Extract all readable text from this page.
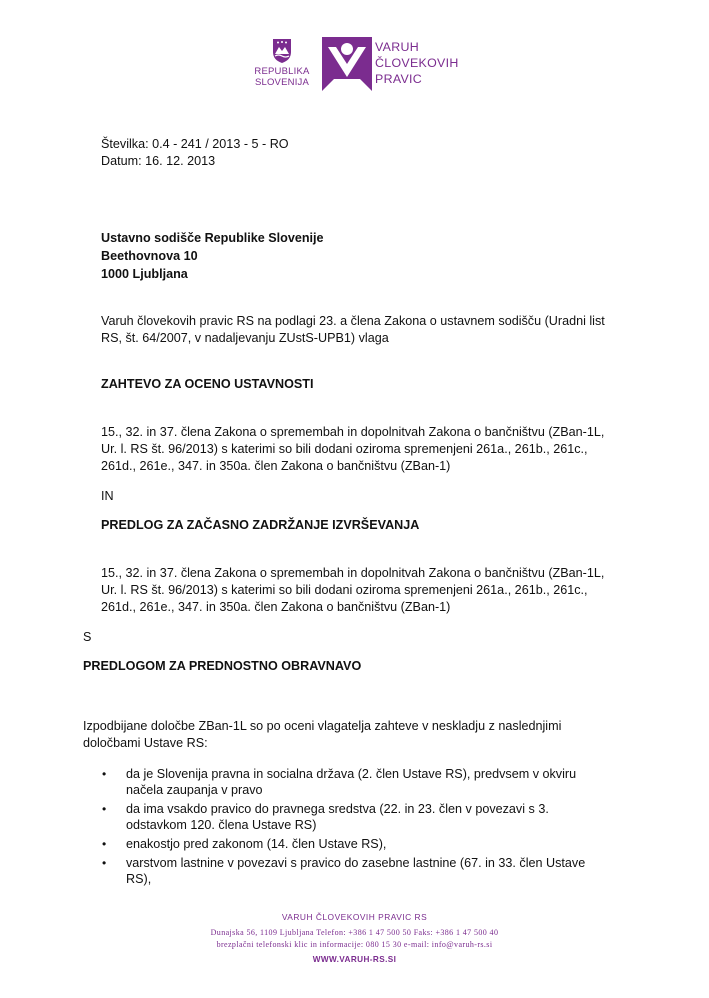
REPUBLIKA
SLOVENIJA
VARUH
ČLOVEKOVIH
PRAVIC
Številka: 0.4 - 241 / 2013 - 5 - RO
Datum: 16. 12. 2013
Ustavno sodišče Republike Slovenije
Beethovnova 10
1000 Ljubljana
Varuh človekovih pravic RS na podlagi 23. a člena Zakona o ustavnem sodišču (Uradni list
RS, št. 64/2007, v nadaljevanju ZUstS-UPB1) vlaga
ZAHTEVO ZA OCENO USTAVNOSTI
15., 32. in 37. člena Zakona o spremembah in dopolnitvah Zakona o bančništvu (ZBan-1L,
Ur. l. RS št. 96/2013) s katerimi so bili dodani oziroma spremenjeni 261a., 261b., 261c.,
261d., 261e., 347. in 350a. člen Zakona o bančništvu (ZBan-1)
IN
PREDLOG ZA ZAČASNO ZADRŽANJE IZVRŠEVANJA
15., 32. in 37. člena Zakona o spremembah in dopolnitvah Zakona o bančništvu (ZBan-1L,
Ur. l. RS št. 96/2013) s katerimi so bili dodani oziroma spremenjeni 261a., 261b., 261c.,
261d., 261e., 347. in 350a. člen Zakona o bančništvu (ZBan-1)
S
PREDLOGOM ZA PREDNOSTNO OBRAVNAVO
Izpodbijane določbe ZBan-1L so po oceni vlagatelja zahteve v neskladju z naslednjimi
določbami Ustave RS:
• da je Slovenija pravna in socialna država (2. člen Ustave RS), predvsem v okviru
načela zaupanja v pravo
• da ima vsakdo pravico do pravnega sredstva (22. in 23. člen v povezavi s 3.
odstavkom 120. člena Ustave RS)
• enakostjo pred zakonom (14. člen Ustave RS),
• varstvom lastnine v povezavi s pravico do zasebne lastnine (67. in 33. člen Ustave
RS),
VARUH ČLOVEKOVIH PRAVIC RS
Dunajska 56, 1109 Ljubljana Telefon: +386 1 47 500 50 Faks: +386 1 47 500 40
brezplačni telefonski klic in informacije: 080 15 30 e-mail: info@varuh-rs.si
WWW.VARUH-RS.SI
